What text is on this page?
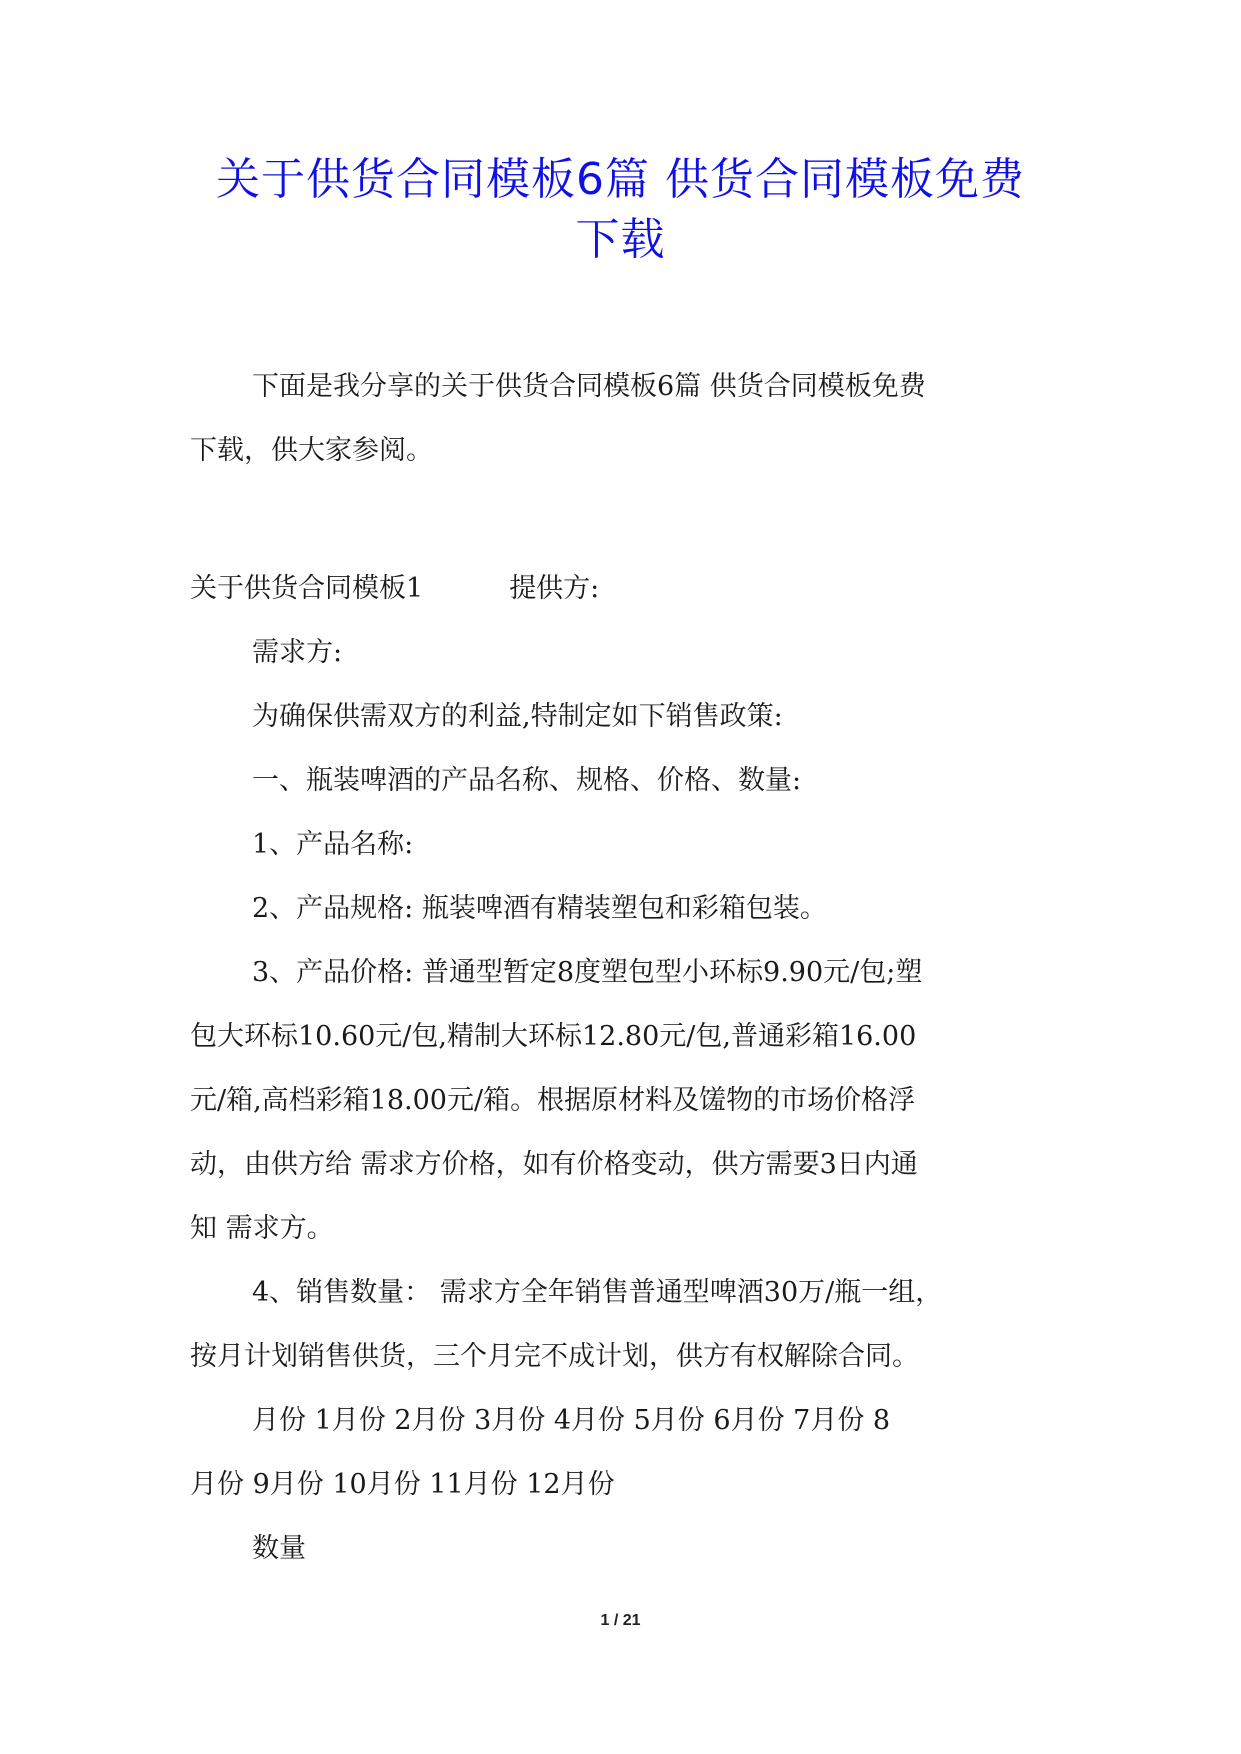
关于供货合同模板6篇 供货合同模板免费
下载

下面是我分享的关于供货合同模板6篇 供货合同模板免费
下载，供大家参阅。

关于供货合同模板1	提供方:

需求方:

为确保供需双方的利益,特制定如下销售政策:

一、瓶装啤酒的产品名称、规格、价格、数量:

1、产品名称:

2、产品规格: 瓶装啤酒有精装塑包和彩箱包装。

3、产品价格: 普通型暂定8度塑包型小环标9.90元/包;塑
包大环标10.60元/包,精制大环标12.80元/包,普通彩箱16.00
元/箱,高档彩箱18.00元/箱。根据原材料及馐物的市场价格浮
动，由供方给 需求方价格，如有价格变动，供方需要3日内通
知 需求方。

4、销售数量： 需求方全年销售普通型啤酒30万/瓶一组，
按月计划销售供货，三个月完不成计划，供方有权解除合同。

月份 1月份 2月份 3月份 4月份 5月份 6月份 7月份 8
月份 9月份 10月份 11月份 12月份

数量

1 / 21
